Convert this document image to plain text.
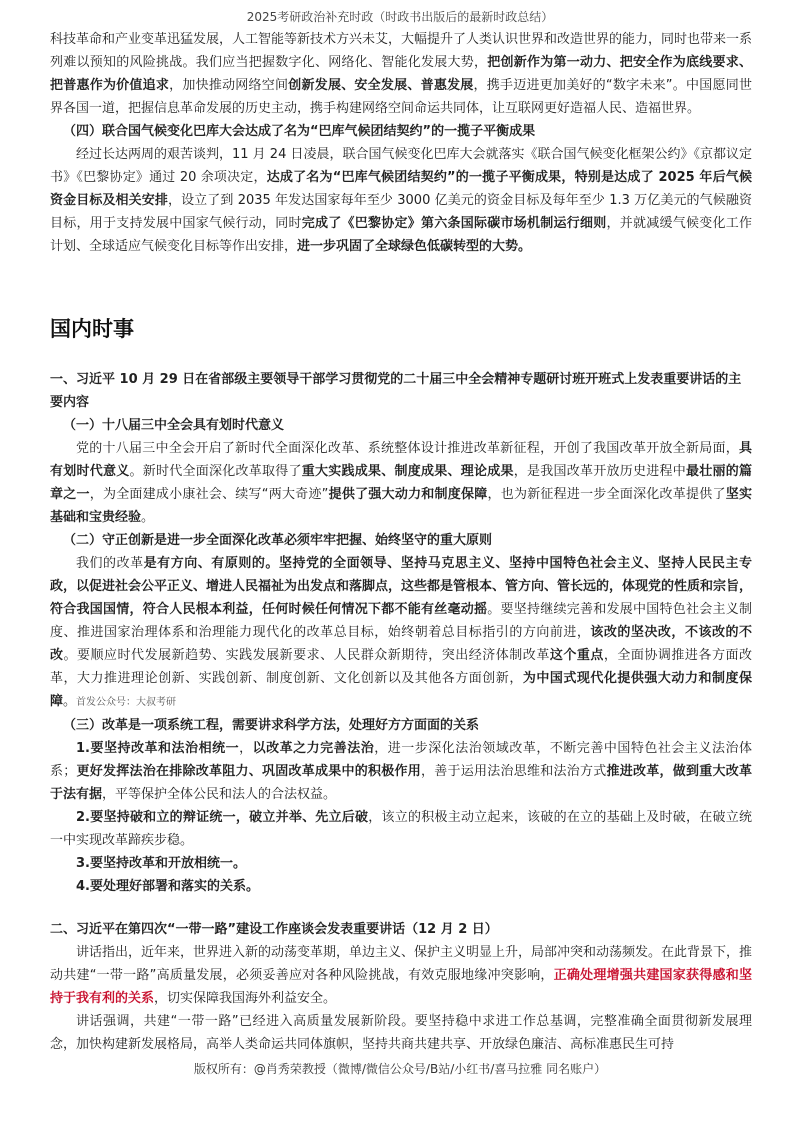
2025考研政治补充时政（时政书出版后的最新时政总结）

科技革命和产业变革迅猛发展，人工智能等新技术方兴未艾，大幅提升了人类认识世界和改造世界的能力，同时也带来一系列难以预知的风险挑战。我们应当把握数字化、网络化、智能化发展大势，把创新作为第一动力、把安全作为底线要求、把普惠作为价值追求，加快推动网络空间创新发展、安全发展、普惠发展，携手迈进更加美好的“数字未来”。中国愿同世界各国一道，把握信息革命发展的历史主动，携手构建网络空间命运共同体，让互联网更好造福人民、造福世界。

（四）联合国气候变化巴库大会达成了名为“巴库气候团结契约”的一揽子平衡成果

经过长达两周的艰苦谈判，11 月 24 日凌晨，联合国气候变化巴库大会就落实《联合国气候变化框架公约》《京都议定书》《巴黎协定》通过 20 余项决定，达成了名为“巴库气候团结契约”的一揽子平衡成果，特别是达成了 2025 年后气候资金目标及相关安排，设立了到 2035 年发达国家每年至少 3000 亿美元的资金目标及每年至少 1.3 万亿美元的气候融资目标，用于支持发展中国家气候行动，同时完成了《巴黎协定》第六条国际碳市场机制运行细则，并就减缓气候变化工作计划、全球适应气候变化目标等作出安排，进一步巩固了全球绿色低碳转型的大势。

国内时事
一、习近平 10 月 29 日在省部级主要领导干部学习贯彻党的二十届三中全会精神专题研讨班开班式上发表重要讲话的主要内容
（一）十八届三中全会具有划时代意义

党的十八届三中全会开启了新时代全面深化改革、系统整体设计推进改革新征程，开创了我国改革开放全新局面，具有划时代意义。新时代全面深化改革取得了重大实践成果、制度成果、理论成果，是我国改革开放历史进程中最壮丽的篇章之一，为全面建成小康社会、续写“两大奇迹”提供了强大动力和制度保障，也为新征程进一步全面深化改革提供了坚实基础和宝贵经验。

（二）守正创新是进一步全面深化改革必须牢牢把握、始终坚守的重大原则

我们的改革是有方向、有原则的。坚持党的全面领导、坚持马克思主义、坚持中国特色社会主义、坚持人民民主专政，以促进社会公平正义、增进人民福祉为出发点和落脚点，这些都是管根本、管方向、管长远的，体现党的性质和宗旨，符合我国国情，符合人民根本利益，任何时候任何情况下都不能有丝毫动摇。要坚持继续完善和发展中国特色社会主义制度、推进国家治理体系和治理能力现代化的改革总目标，始终朝着总目标指引的方向前进，该改的坚决改，不该改的不改。要顺应时代发展新趋势、实践发展新要求、人民群众新期待，突出经济体制改革这个重点，全面协调推进各方面改革，大力推进理论创新、实践创新、制度创新、文化创新以及其他各方面创新，为中国式现代化提供强大动力和制度保障。首发公众号：大叔考研

（三）改革是一项系统工程，需要讲求科学方法，处理好方方面面的关系

1.要坚持改革和法治相统一，以改革之力完善法治，进一步深化法治领域改革，不断完善中国特色社会主义法治体系；更好发挥法治在排除改革阻力、巩固改革成果中的积极作用，善于运用法治思维和法治方式推进改革，做到重大改革于法有据，平等保护全体公民和法人的合法权益。

2.要坚持破和立的辩证统一，破立并举、先立后破，该立的积极主动立起来，该破的在立的基础上及时破，在破立统一中实现改革蹄疾步稳。

3.要坚持改革和开放相统一。

4.要处理好部署和落实的关系。

二、习近平在第四次“一带一路”建设工作座谈会发表重要讲话（12 月 2 日）

讲话指出，近年来，世界进入新的动荡变革期，单边主义、保护主义明显上升，局部冲突和动荡频发。在此背景下，推动共建“一带一路”高质量发展，必须妥善应对各种风险挑战，有效克服地缘冲突影响，正确处理增强共建国家获得感和坚持于我有利的关系，切实保障我国海外利益安全。

讲话强调，共建“一带一路”已经进入高质量发展新阶段。要坚持稳中求进工作总基调，完整准确全面贯彻新发展理念，加快构建新发展格局，高举人类命运共同体旗帜，坚持共商共建共享、开放绿色廉洁、高标准惠民生可持

版权所有：@肖秀荣教授（微博/微信公众号/B站/小红书/喜马拉雅 同名账户）
